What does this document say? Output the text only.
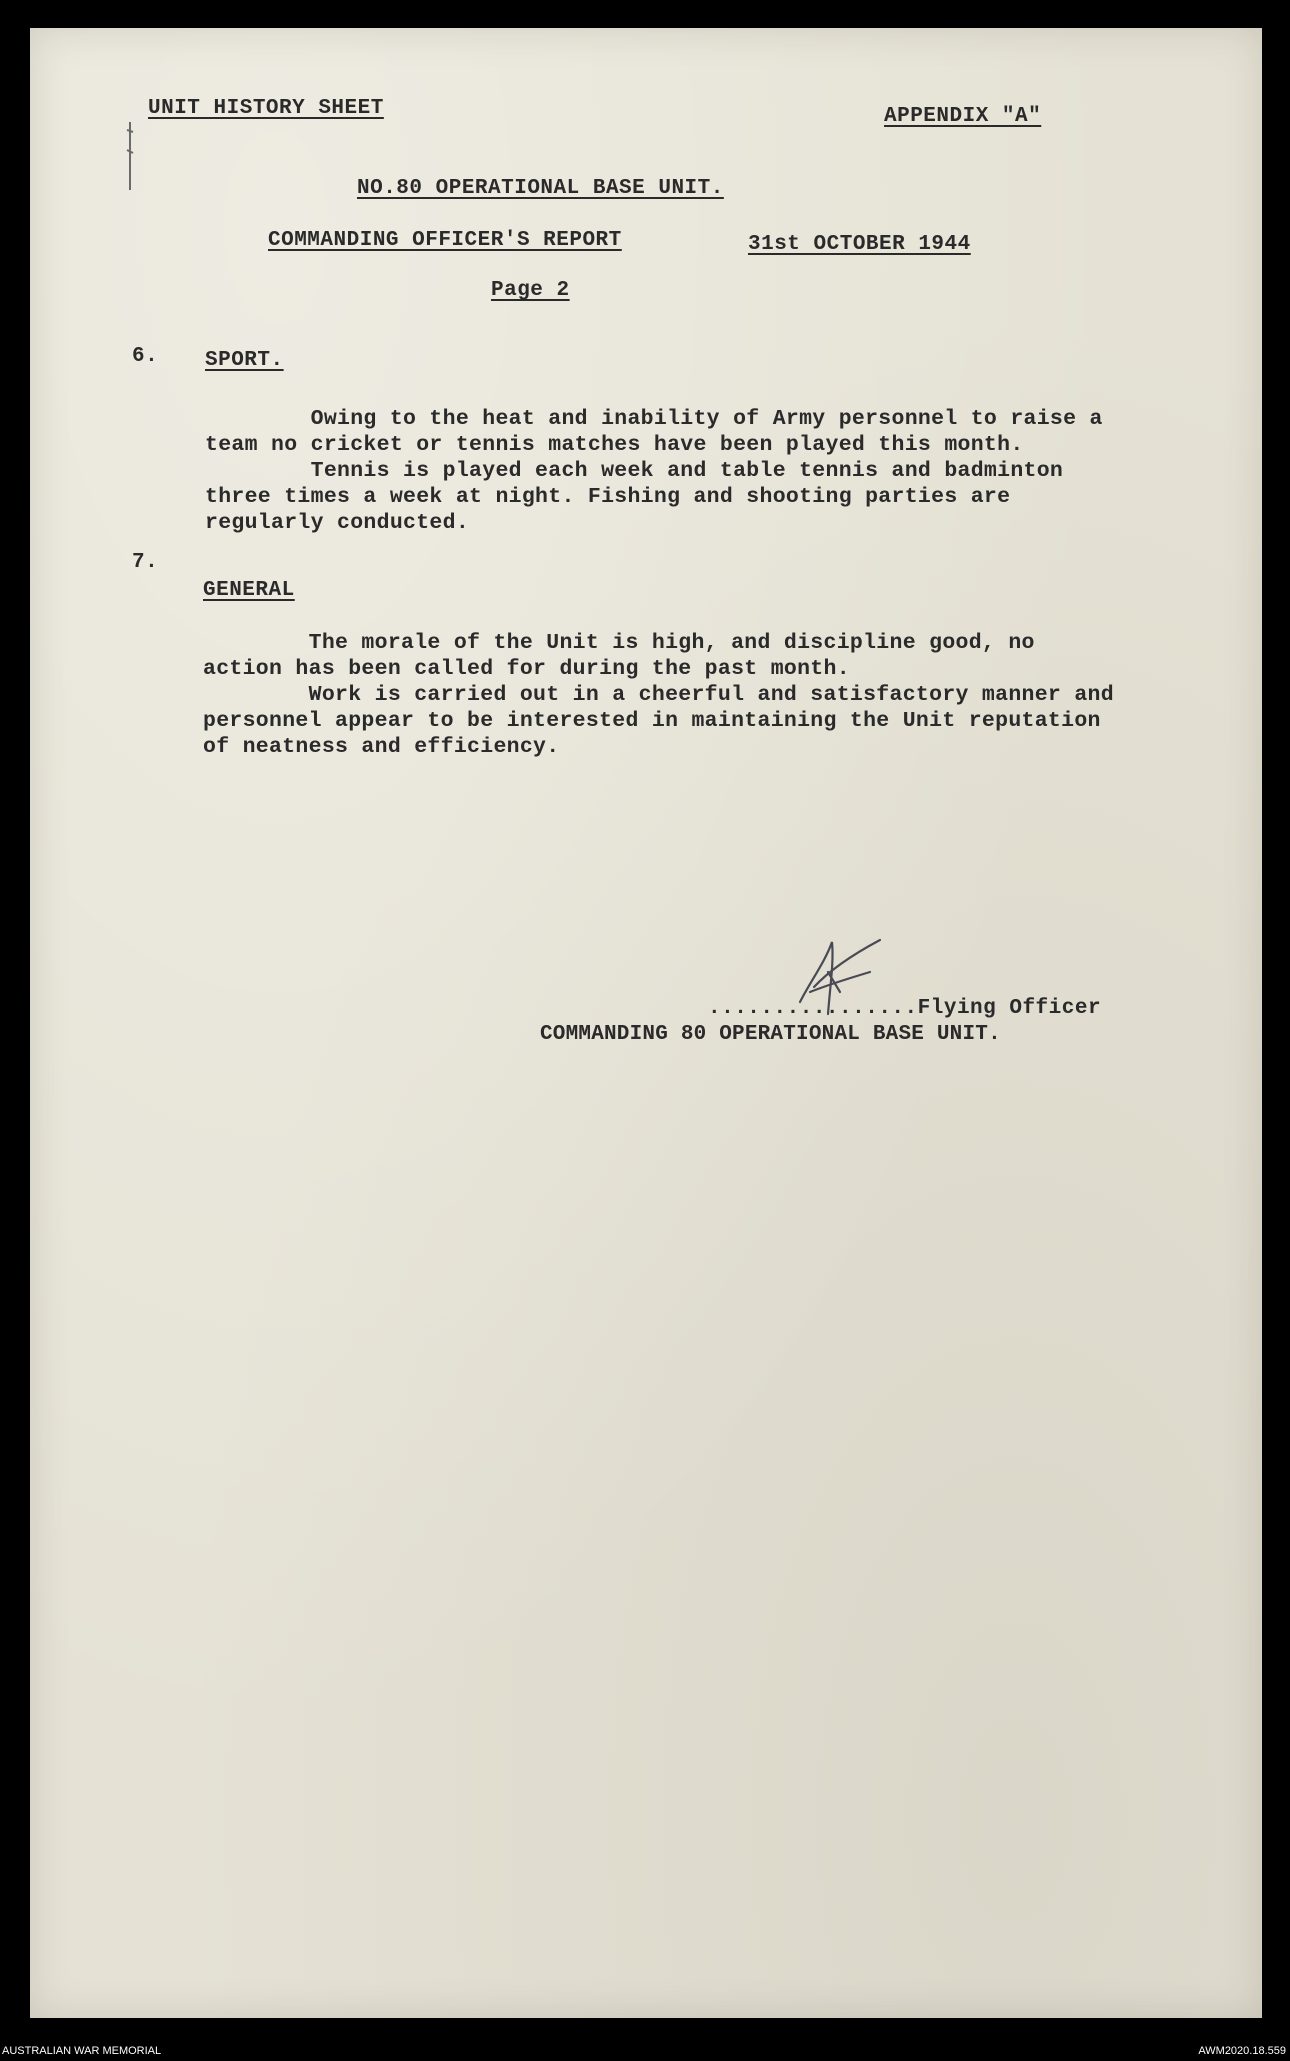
UNIT HISTORY SHEET	APPENDIX "A"
NO.80 OPERATIONAL BASE UNIT.
COMMANDING OFFICER'S REPORT	31st OCTOBER 1944
Page 2
6. SPORT.
Owing to the heat and inability of Army personnel to raise a
team no cricket or tennis matches have been played this month.
Tennis is played each week and table tennis and badminton
three times a week at night. Fishing and shooting parties are
regularly conducted.
7.
GENERAL
The morale of the Unit is high, and discipline good, no
action has been called for during the past month.
Work is carried out in a cheerful and satisfactory manner and
personnel appear to be interested in maintaining the Unit reputation
of neatness and efficiency.
................Flying Officer
COMMANDING 80 OPERATIONAL BASE UNIT.
AUSTRALIAN WAR MEMORIAL	AWM2020.18.559
